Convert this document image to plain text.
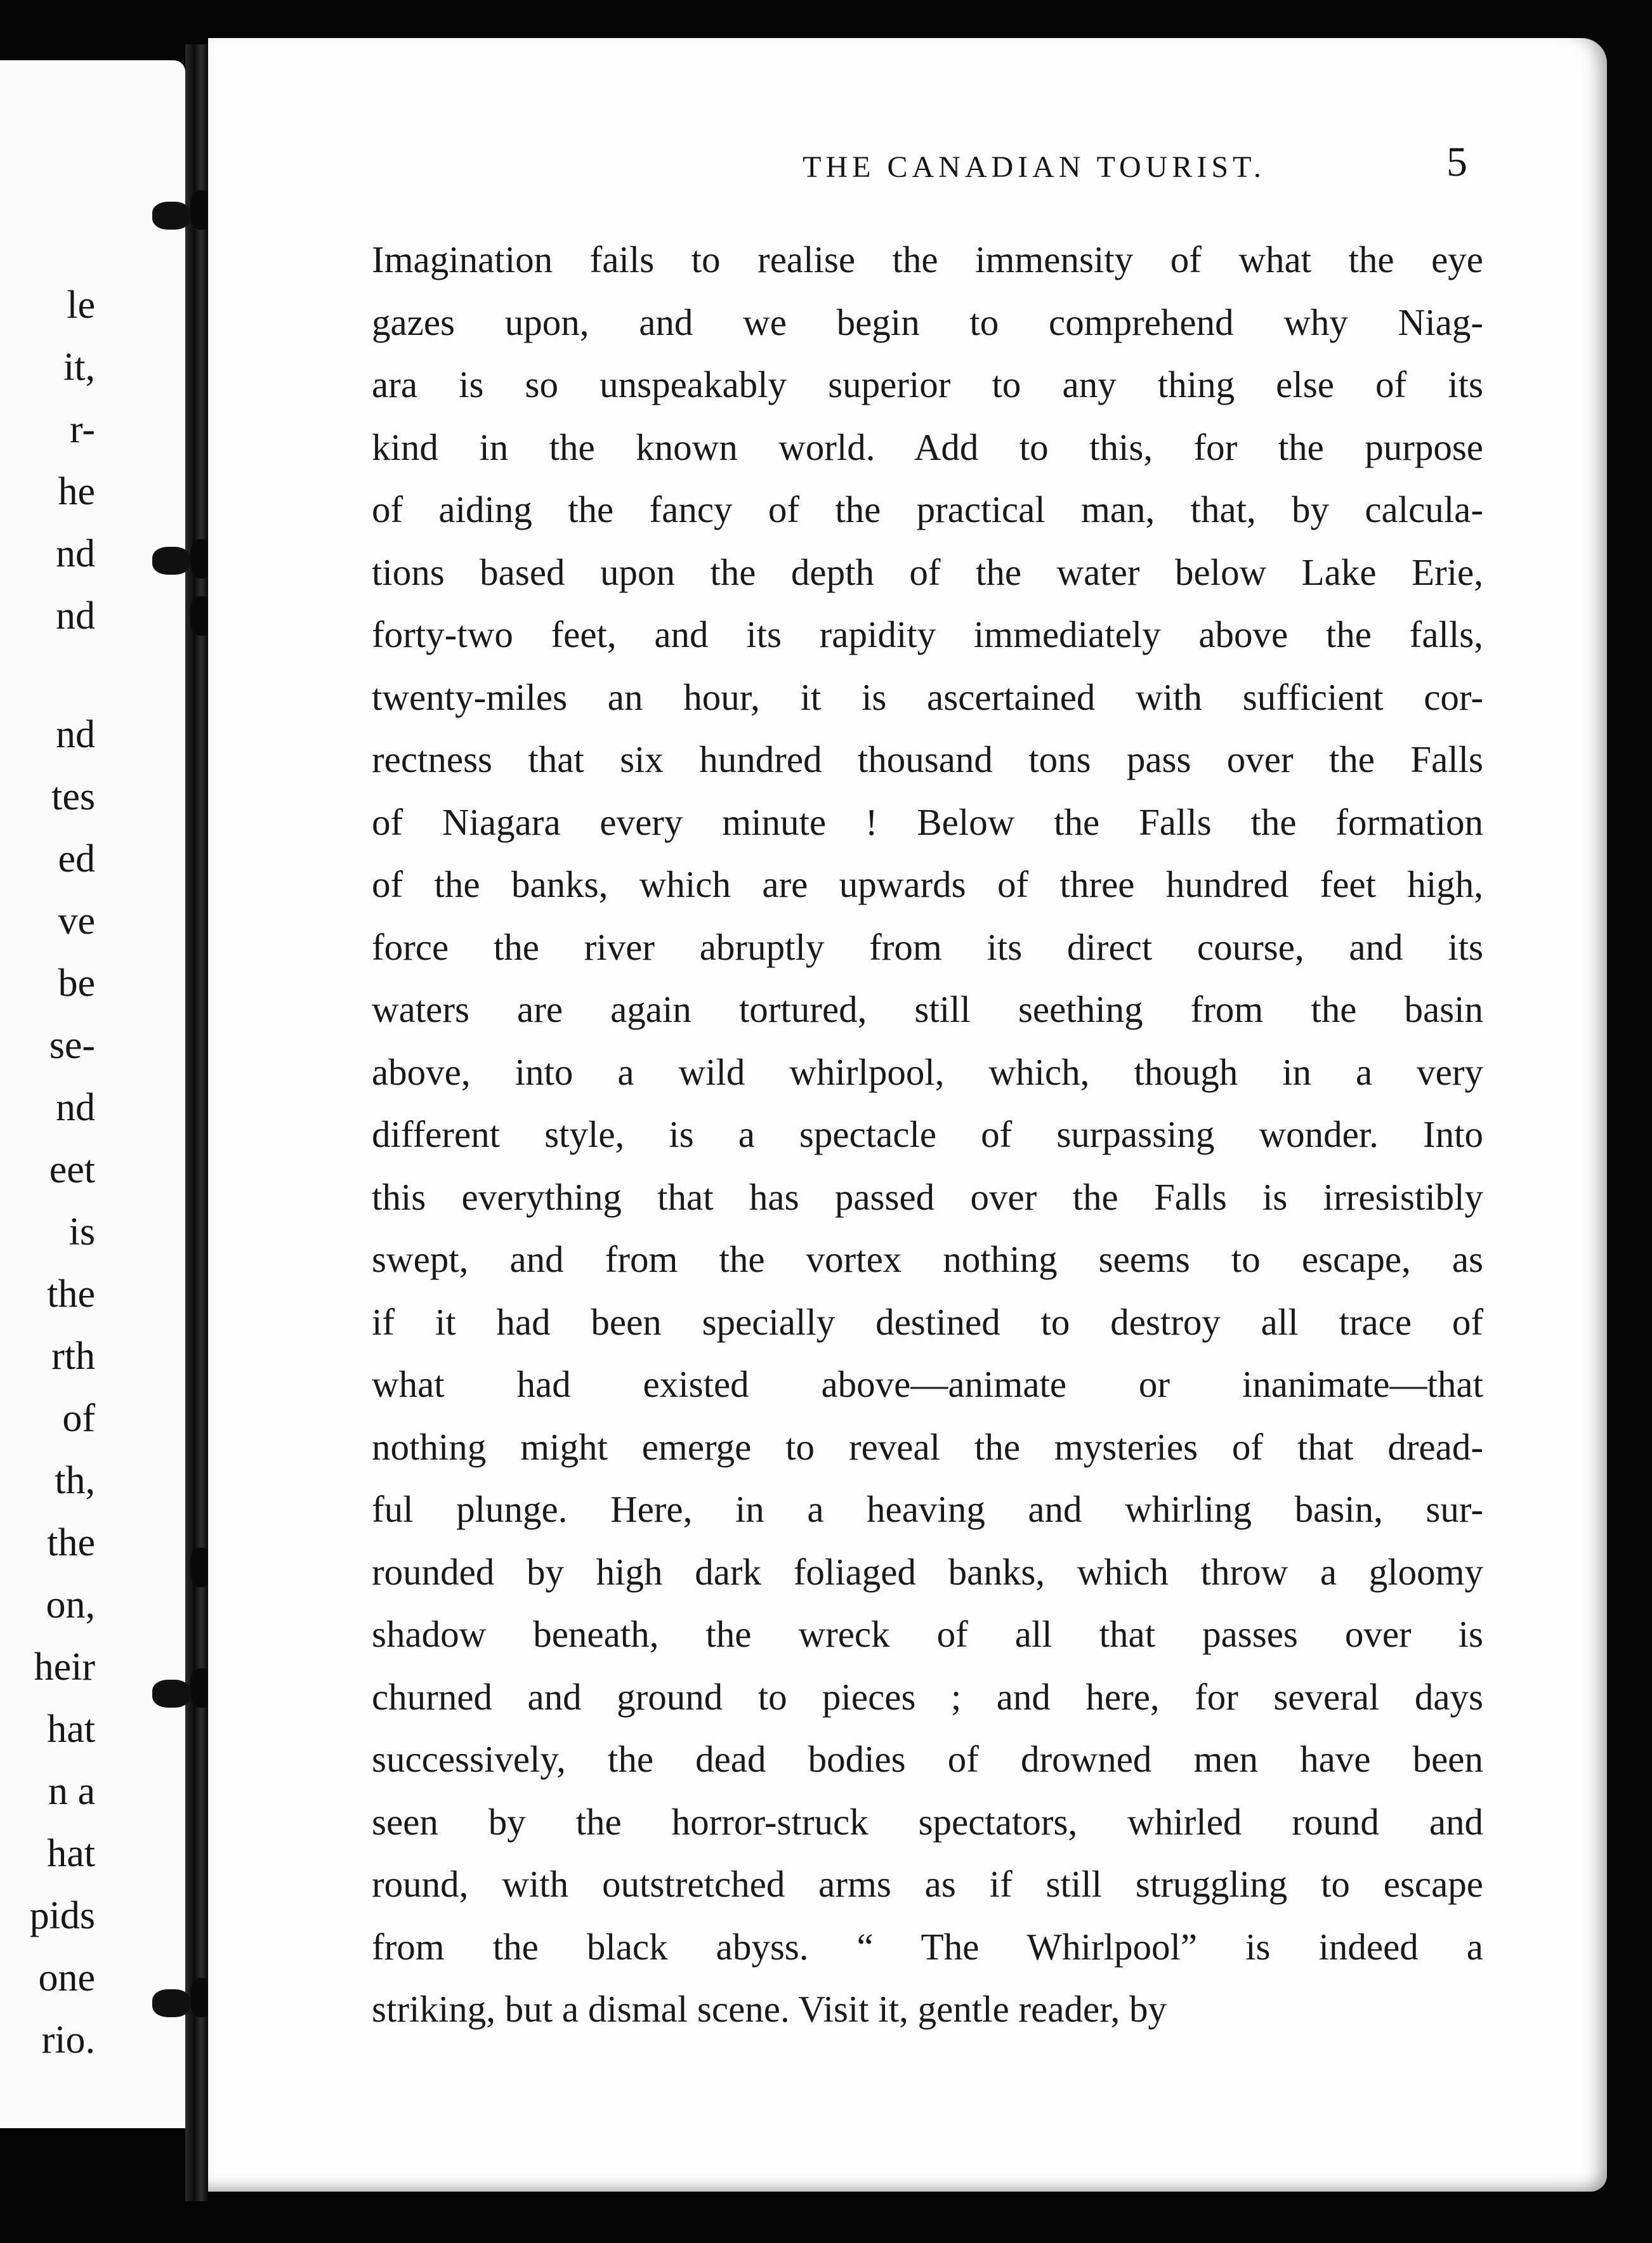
le
it,
r-
he
nd
nd
nd
tes
ed
ve
be
se-
nd
eet
is
the
rth
of
th,
the
on,
heir
hat
n a
hat
pids
one
rio.
THE CANADIAN TOURIST.	5
Imagination fails to realise the immensity of what the eye
gazes upon, and we begin to comprehend why Niag-
ara is so unspeakably superior to any thing else of its
kind in the known world. Add to this, for the purpose
of aiding the fancy of the practical man, that, by calcula-
tions based upon the depth of the water below Lake Erie,
forty-two feet, and its rapidity immediately above the falls,
twenty-miles an hour, it is ascertained with sufficient cor-
rectness that six hundred thousand tons pass over the Falls
of Niagara every minute ! Below the Falls the formation
of the banks, which are upwards of three hundred feet high,
force the river abruptly from its direct course, and its
waters are again tortured, still seething from the basin
above, into a wild whirlpool, which, though in a very
different style, is a spectacle of surpassing wonder. Into
this everything that has passed over the Falls is irresistibly
swept, and from the vortex nothing seems to escape, as
if it had been specially destined to destroy all trace of
what had existed above—animate or inanimate—that
nothing might emerge to reveal the mysteries of that dread-
ful plunge. Here, in a heaving and whirling basin, sur-
rounded by high dark foliaged banks, which throw a gloomy
shadow beneath, the wreck of all that passes over is
churned and ground to pieces ; and here, for several days
successively, the dead bodies of drowned men have been
seen by the horror-struck spectators, whirled round and
round, with outstretched arms as if still struggling to escape
from the black abyss. “ The Whirlpool” is indeed a
striking, but a dismal scene. Visit it, gentle reader, by
